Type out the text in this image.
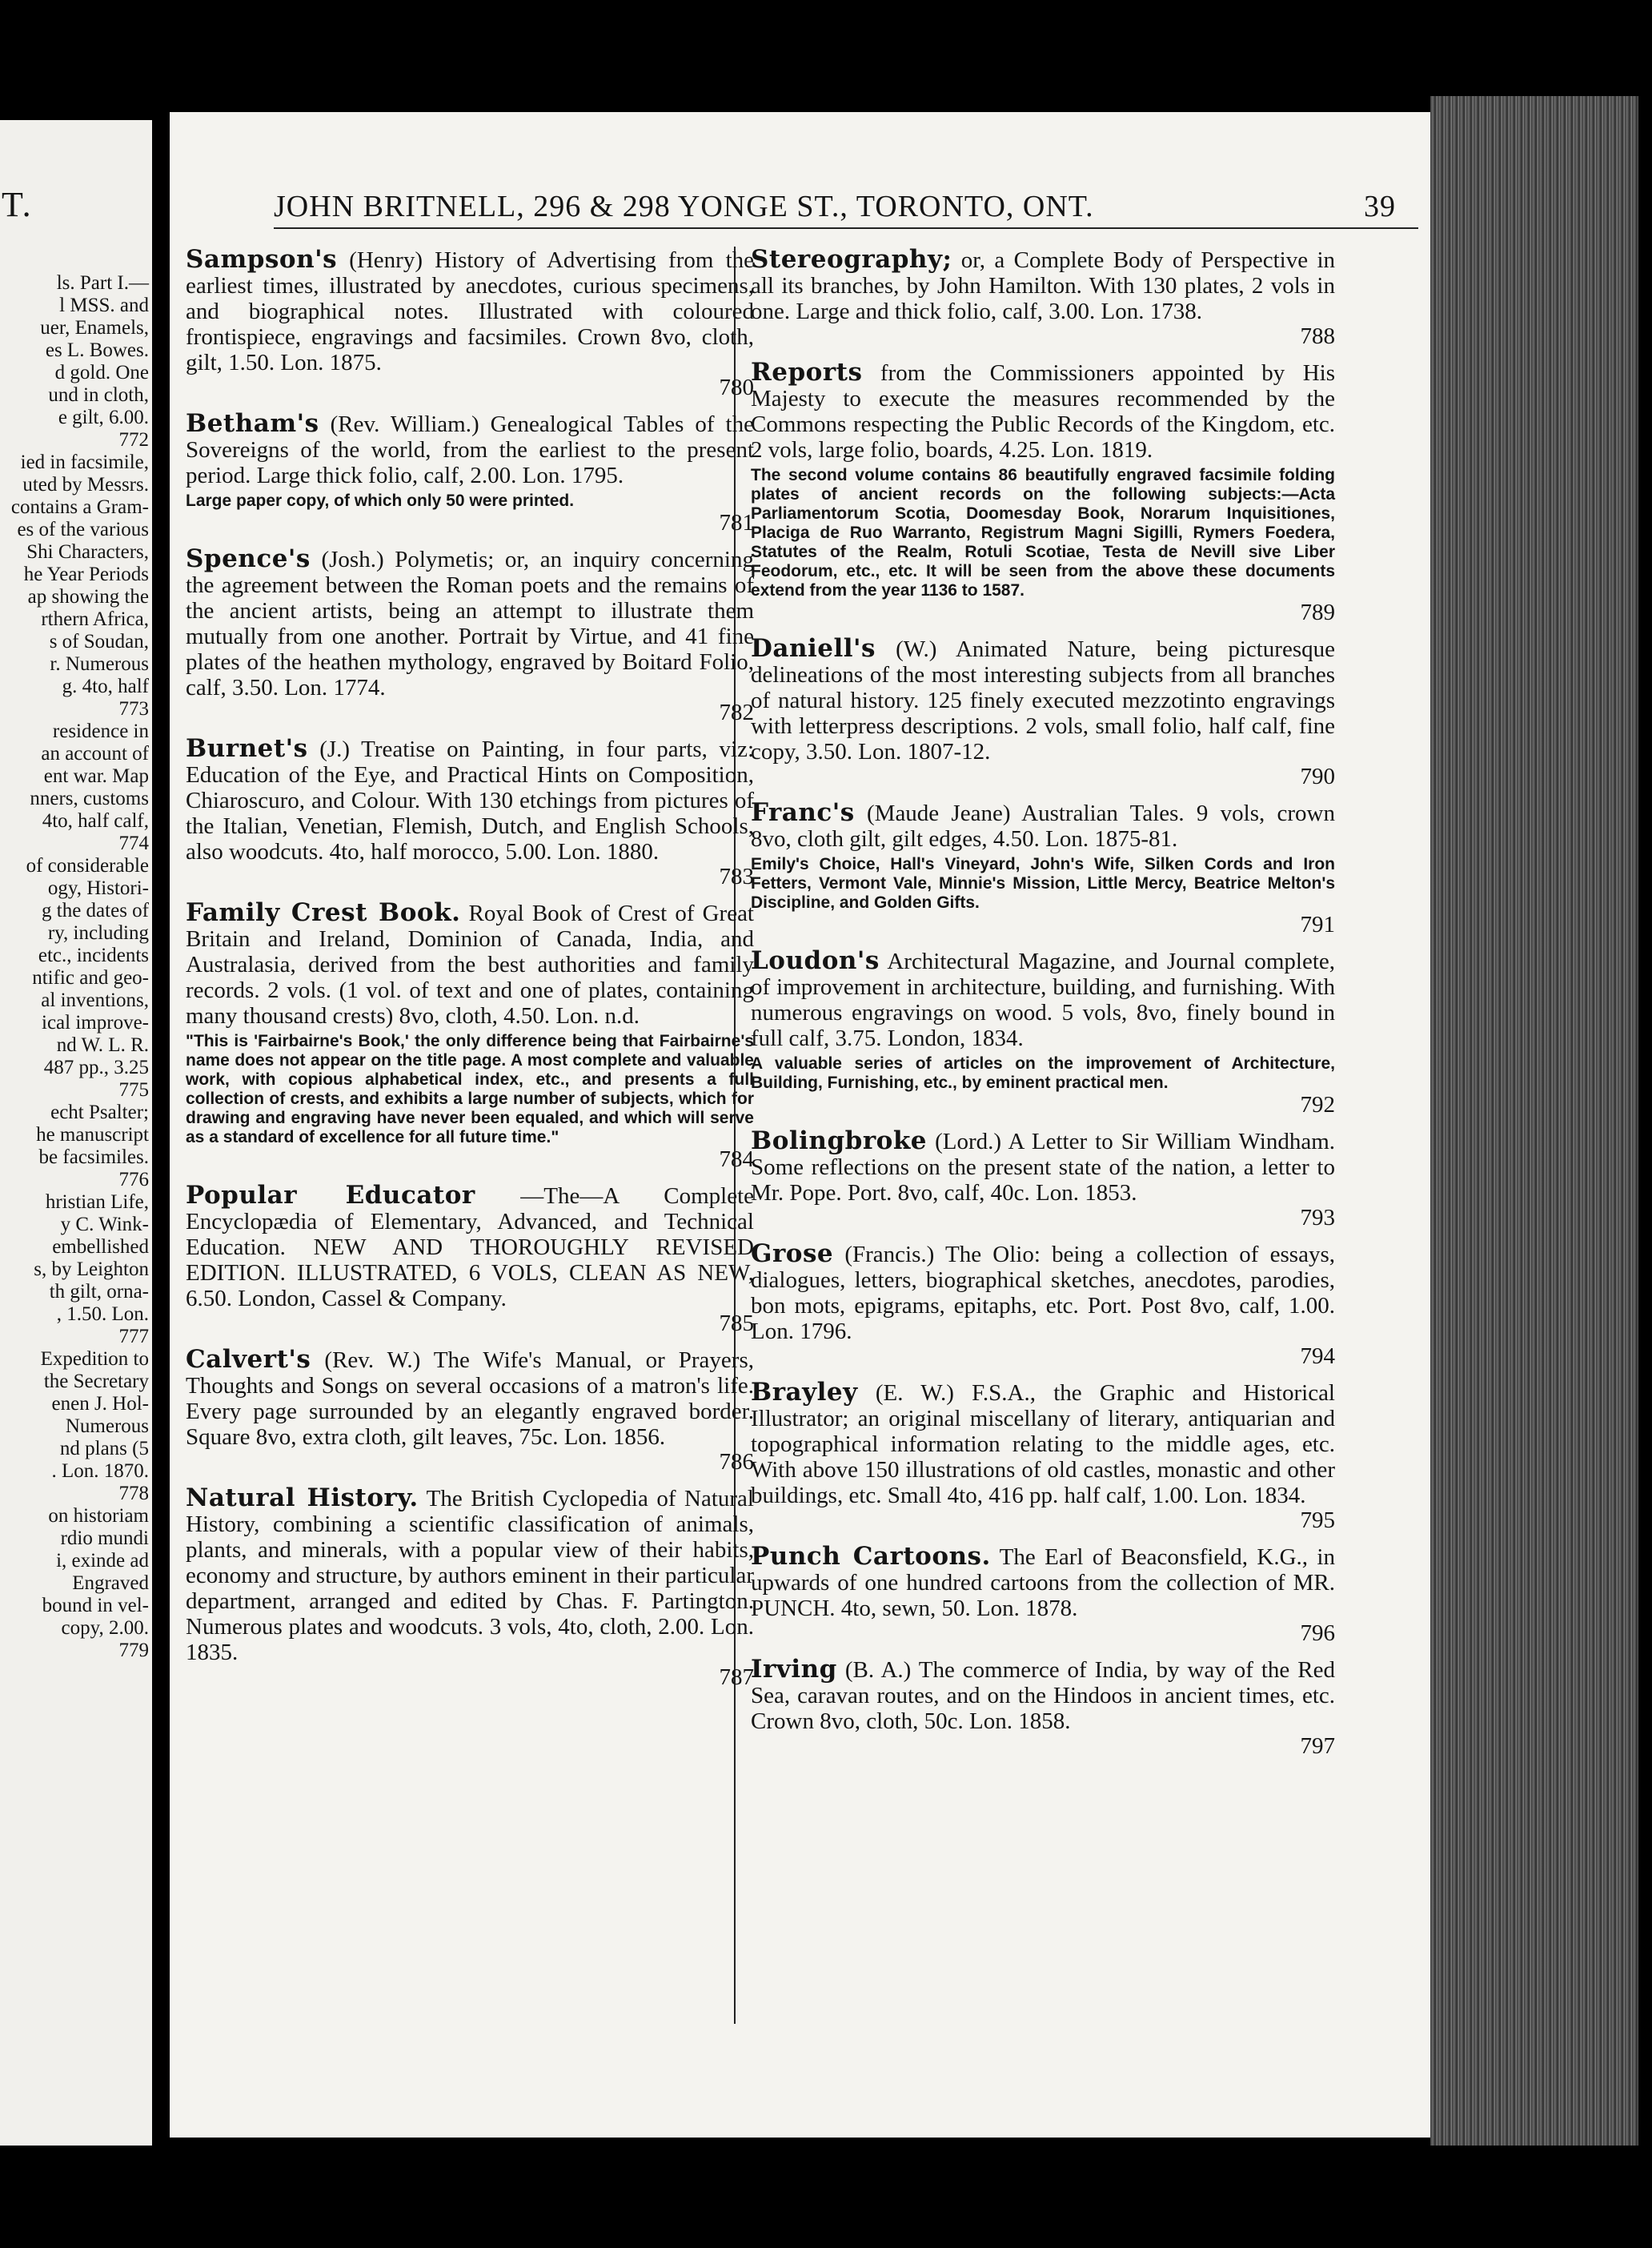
T.
ls. Part I.—
l MSS. and
uer, Enamels,
es L. Bowes.
d gold. One
und in cloth,
e gilt, 6.00.
772
ied in facsimile,
uted by Messrs.
contains a Gram-
es of the various
Shi Characters,
he Year Periods
ap showing the
rthern Africa,
s of Soudan,
r. Numerous
g. 4to, half
773
residence in
an account of
ent war. Map
nners, customs
4to, half calf,
774
of considerable
ogy, Histori-
g the dates of
ry, including
etc., incidents
ntific and geo-
al inventions,
ical improve-
nd W. L. R.
487 pp., 3.25
775
echt Psalter;
he manuscript
be facsimiles.
776
hristian Life,
y C. Wink-
embellished
s, by Leighton
th gilt, orna-
, 1.50. Lon.
777
Expedition to
the Secretary
enen J. Hol-
Numerous
nd plans (5
. Lon. 1870.
778
on historiam
rdio mundi
i, exinde ad
Engraved
bound in vel-
copy, 2.00.
779
JOHN BRITNELL, 296 & 298 YONGE ST., TORONTO, ONT.	39
Sampson's (Henry) History of Advertising from the earliest times, illustrated by anecdotes, curious specimens, and biographical notes. Illustrated with coloured frontispiece, engravings and facsimiles. Crown 8vo, cloth, gilt, 1.50. Lon. 1875.
780
Betham's (Rev. William.) Genealogical Tables of the Sovereigns of the world, from the earliest to the present period. Large thick folio, calf, 2.00. Lon. 1795.
Large paper copy, of which only 50 were printed.
781
Spence's (Josh.) Polymetis; or, an inquiry concerning the agreement between the Roman poets and the remains of the ancient artists, being an attempt to illustrate them mutually from one another. Portrait by Virtue, and 41 fine plates of the heathen mythology, engraved by Boitard Folio, calf, 3.50. Lon. 1774.
782
Burnet's (J.) Treatise on Painting, in four parts, viz: Education of the Eye, and Practical Hints on Composition, Chiaroscuro, and Colour. With 130 etchings from pictures of the Italian, Venetian, Flemish, Dutch, and English Schools, also woodcuts. 4to, half morocco, 5.00. Lon. 1880.
783
Family Crest Book. Royal Book of Crest of Great Britain and Ireland, Dominion of Canada, India, and Australasia, derived from the best authorities and family records. 2 vols. (1 vol. of text and one of plates, containing many thousand crests) 8vo, cloth, 4.50. Lon. n.d.
"This is 'Fairbairne's Book,' the only difference being that Fairbairne's name does not appear on the title page. A most complete and valuable work, with copious alphabetical index, etc., and presents a full collection of crests, and exhibits a large number of subjects, which for drawing and engraving have never been equaled, and which will serve as a standard of excellence for all future time."
784
Popular Educator —The—A Complete Encyclopædia of Elementary, Advanced, and Technical Education. NEW AND THOROUGHLY REVISED EDITION. ILLUSTRATED, 6 VOLS, CLEAN AS NEW, 6.50. London, Cassel & Company.
785
Calvert's (Rev. W.) The Wife's Manual, or Prayers, Thoughts and Songs on several occasions of a matron's life. Every page surrounded by an elegantly engraved border. Square 8vo, extra cloth, gilt leaves, 75c. Lon. 1856.
786
Natural History. The British Cyclopedia of Natural History, combining a scientific classification of animals, plants, and minerals, with a popular view of their habits, economy and structure, by authors eminent in their particular department, arranged and edited by Chas. F. Partington. Numerous plates and woodcuts. 3 vols, 4to, cloth, 2.00. Lon. 1835.
787
Stereography; or, a Complete Body of Perspective in all its branches, by John Hamilton. With 130 plates, 2 vols in one. Large and thick folio, calf, 3.00. Lon. 1738.
788
Reports from the Commissioners appointed by His Majesty to execute the measures recommended by the Commons respecting the Public Records of the Kingdom, etc. 2 vols, large folio, boards, 4.25. Lon. 1819.
The second volume contains 86 beautifully engraved facsimile folding plates of ancient records on the following subjects:—Acta Parliamentorum Scotia, Doomesday Book, Norarum Inquisitiones, Placiga de Ruo Warranto, Registrum Magni Sigilli, Rymers Foedera, Statutes of the Realm, Rotuli Scotiae, Testa de Nevill sive Liber Feodorum, etc., etc. It will be seen from the above these documents extend from the year 1136 to 1587.
789
Daniell's (W.) Animated Nature, being picturesque delineations of the most interesting subjects from all branches of natural history. 125 finely executed mezzotinto engravings with letterpress descriptions. 2 vols, small folio, half calf, fine copy, 3.50. Lon. 1807-12.
790
Franc's (Maude Jeane) Australian Tales. 9 vols, crown 8vo, cloth gilt, gilt edges, 4.50. Lon. 1875-81.
Emily's Choice, Hall's Vineyard, John's Wife, Silken Cords and Iron Fetters, Vermont Vale, Minnie's Mission, Little Mercy, Beatrice Melton's Discipline, and Golden Gifts.
791
Loudon's Architectural Magazine, and Journal complete, of improvement in architecture, building, and furnishing. With numerous engravings on wood. 5 vols, 8vo, finely bound in full calf, 3.75. London, 1834.
A valuable series of articles on the improvement of Architecture, Building, Furnishing, etc., by eminent practical men.
792
Bolingbroke (Lord.) A Letter to Sir William Windham. Some reflections on the present state of the nation, a letter to Mr. Pope. Port. 8vo, calf, 40c. Lon. 1853.
793
Grose (Francis.) The Olio: being a collection of essays, dialogues, letters, biographical sketches, anecdotes, parodies, bon mots, epigrams, epitaphs, etc. Port. Post 8vo, calf, 1.00. Lon. 1796.
794
Brayley (E. W.) F.S.A., the Graphic and Historical Illustrator; an original miscellany of literary, antiquarian and topographical information relating to the middle ages, etc. With above 150 illustrations of old castles, monastic and other buildings, etc. Small 4to, 416 pp. half calf, 1.00. Lon. 1834.
795
Punch Cartoons. The Earl of Beaconsfield, K.G., in upwards of one hundred cartoons from the collection of MR. PUNCH. 4to, sewn, 50. Lon. 1878.
796
Irving (B. A.) The commerce of India, by way of the Red Sea, caravan routes, and on the Hindoos in ancient times, etc. Crown 8vo, cloth, 50c. Lon. 1858.
797
